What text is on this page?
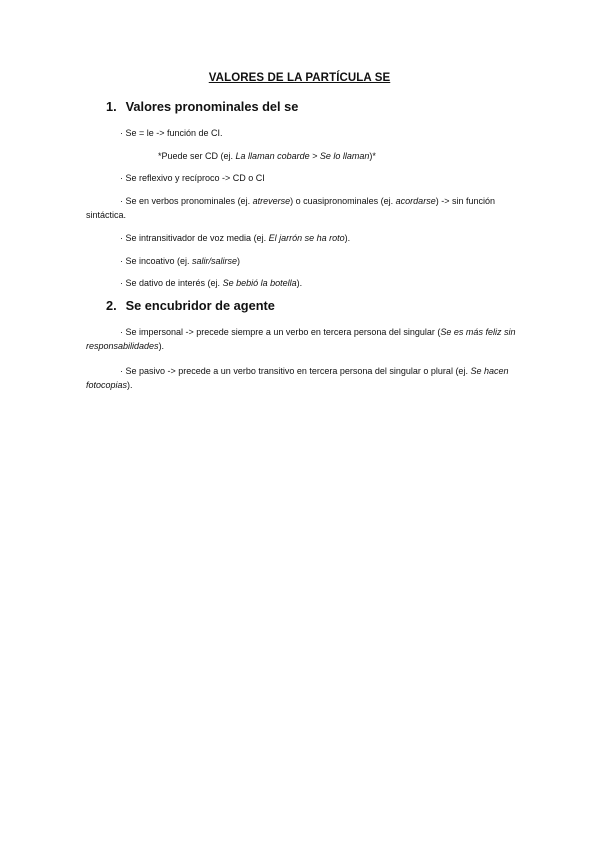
VALORES DE LA PARTÍCULA SE
1. Valores pronominales del se
· Se = le -> función de CI.
*Puede ser CD (ej. La llaman cobarde > Se lo llaman)*
· Se reflexivo y recíproco -> CD o CI
· Se en verbos pronominales (ej. atreverse) o cuasipronominales (ej. acordarse) -> sin función sintáctica.
· Se intransitivador de voz media (ej. El jarrón se ha roto).
· Se incoativo (ej. salir/salirse)
· Se dativo de interés (ej. Se bebió la botella).
2. Se encubridor de agente
· Se impersonal -> precede siempre a un verbo en tercera persona del singular (Se es más feliz sin responsabilidades).
· Se pasivo -> precede a un verbo transitivo en tercera persona del singular o plural (ej. Se hacen fotocopias).
